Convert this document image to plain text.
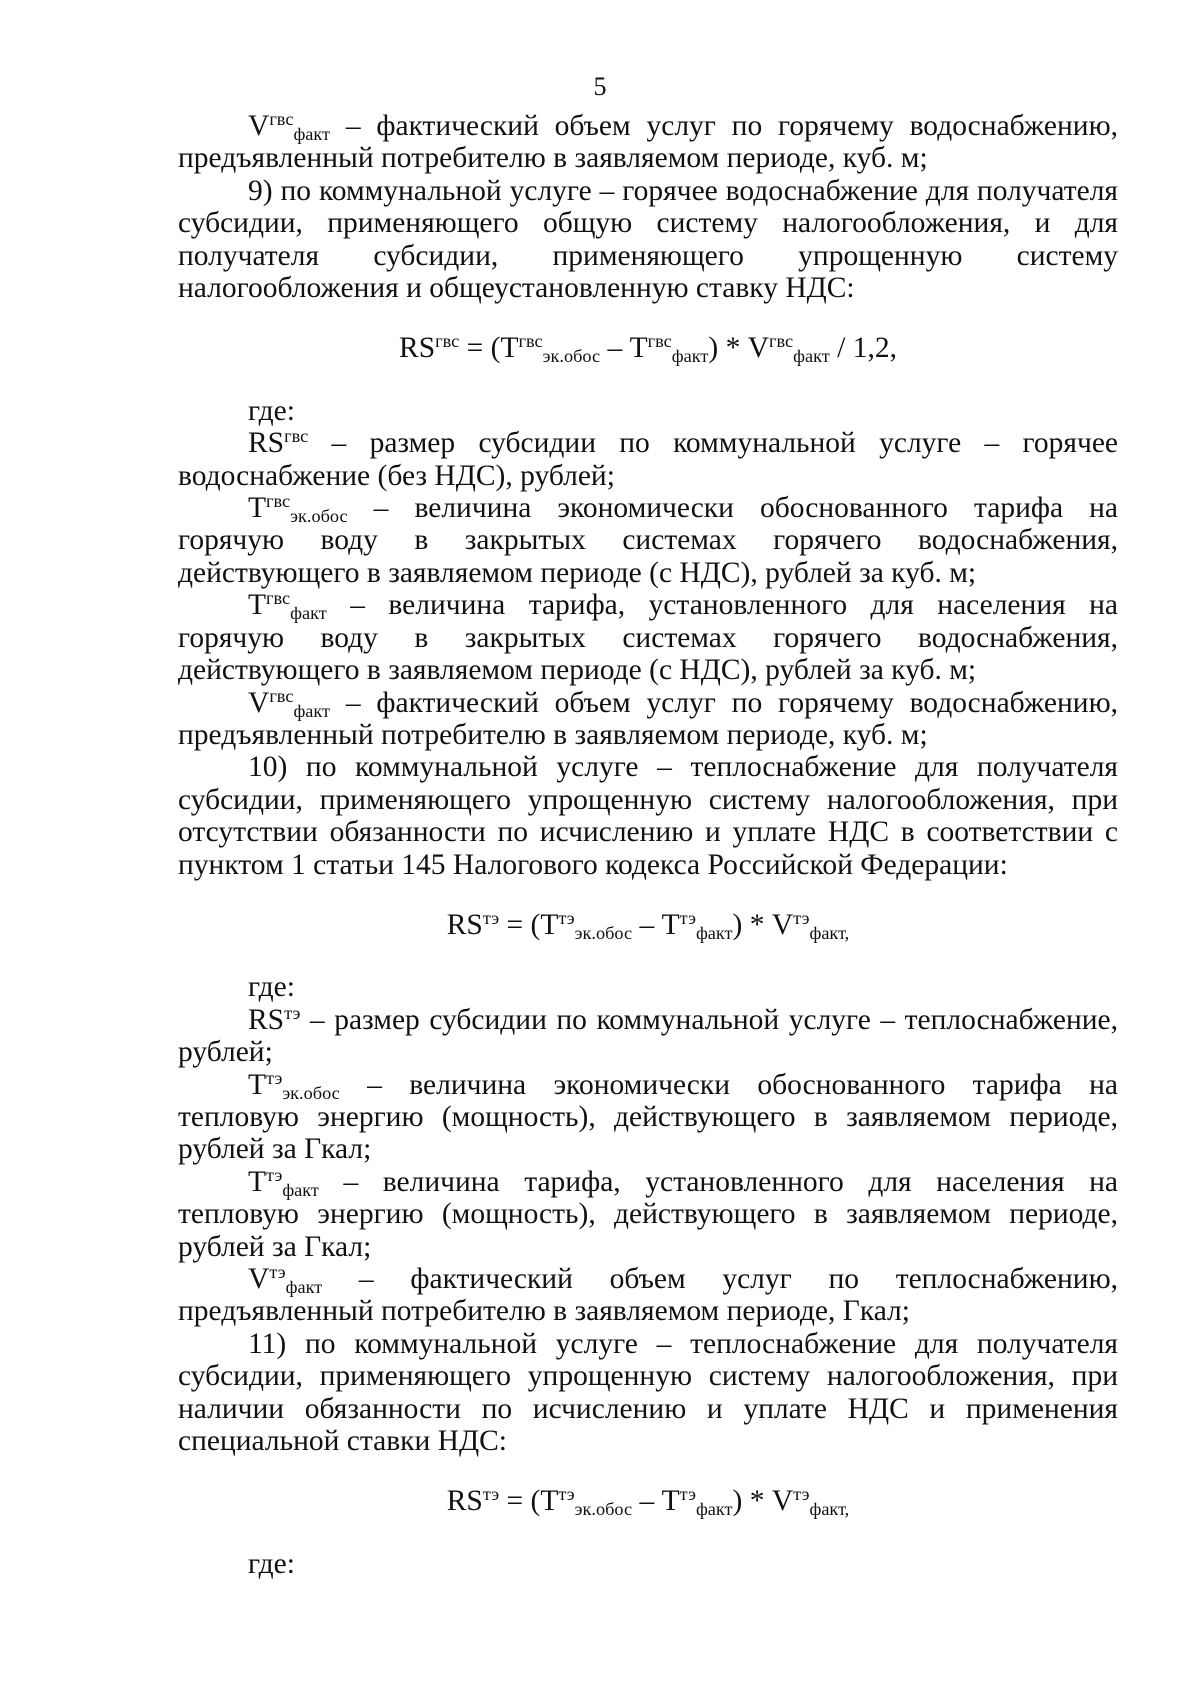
5

$V^{гвс}_{факт}$ – фактический объем услуг по горячему водоснабжению, предъявленный потребителю в заявляемом периоде, куб. м;

9) по коммунальной услуге – горячее водоснабжение для получателя субсидии, применяющего общую систему налогообложения, и для получателя субсидии, применяющего упрощенную систему налогообложения и общеустановленную ставку НДС:

$RS^{гвс} = (T^{гвс}_{эк.обос} - T^{гвс}_{факт}) * V^{гвс}_{факт} / 1,2$,

где:

$RS^{гвс}$ – размер субсидии по коммунальной услуге – горячее водоснабжение (без НДС), рублей;

$T^{гвс}_{эк.обос}$ – величина экономически обоснованного тарифа на горячую воду в закрытых системах горячего водоснабжения, действующего в заявляемом периоде (с НДС), рублей за куб. м;

$T^{гвс}_{факт}$ – величина тарифа, установленного для населения на горячую воду в закрытых системах горячего водоснабжения, действующего в заявляемом периоде (с НДС), рублей за куб. м;

$V^{гвс}_{факт}$ – фактический объем услуг по горячему водоснабжению, предъявленный потребителю в заявляемом периоде, куб. м;

10) по коммунальной услуге – теплоснабжение для получателя субсидии, применяющего упрощенную систему налогообложения, при отсутствии обязанности по исчислению и уплате НДС в соответствии с пунктом 1 статьи 145 Налогового кодекса Российской Федерации:

$RS^{тэ} = (T^{тэ}_{эк.обос} - T^{тэ}_{факт}) * V^{тэ}_{факт,}$

где:

$RS^{тэ}$ – размер субсидии по коммунальной услуге – теплоснабжение, рублей;

$T^{тэ}_{эк.обос}$ – величина экономически обоснованного тарифа на тепловую энергию (мощность), действующего в заявляемом периоде, рублей за Гкал;

$T^{тэ}_{факт}$ – величина тарифа, установленного для населения на тепловую энергию (мощность), действующего в заявляемом периоде, рублей за Гкал;

$V^{тэ}_{факт}$ – фактический объем услуг по теплоснабжению, предъявленный потребителю в заявляемом периоде, Гкал;

11) по коммунальной услуге – теплоснабжение для получателя субсидии, применяющего упрощенную систему налогообложения, при наличии обязанности по исчислению и уплате НДС и применения специальной ставки НДС:

$RS^{тэ} = (T^{тэ}_{эк.обос} - T^{тэ}_{факт}) * V^{тэ}_{факт,}$

где:
